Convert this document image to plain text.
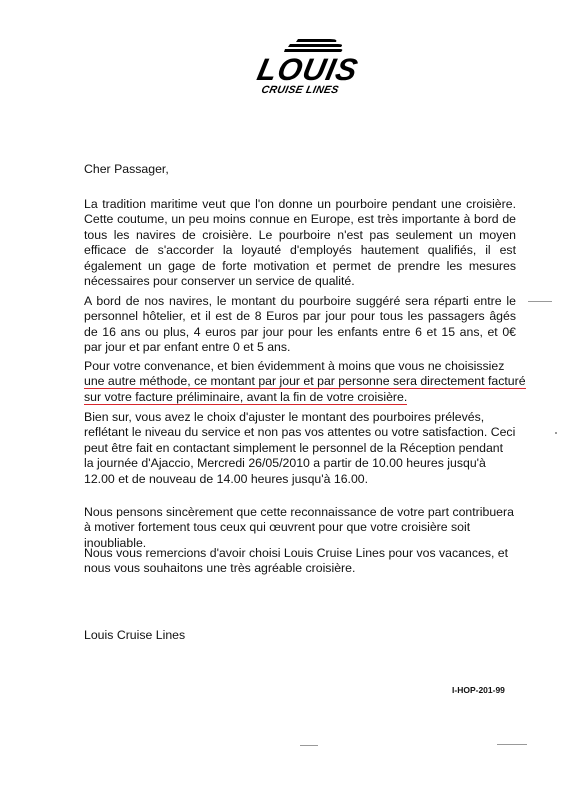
LOUIS
CRUISE LINES
Cher Passager,
La tradition maritime veut que l'on donne un pourboire pendant une croisière. Cette coutume, un peu moins connue en Europe, est très importante à bord de tous les navires de croisière. Le pourboire n'est pas seulement un moyen efficace de s'accorder la loyauté d'employés hautement qualifiés, il est également un gage de forte motivation et permet de prendre les mesures nécessaires pour conserver un service de qualité.
A bord de nos navires, le montant du pourboire suggéré sera réparti entre le personnel hôtelier, et il est de 8 Euros par jour pour tous les passagers âgés de 16 ans ou plus, 4 euros par jour pour les enfants entre 6 et 15 ans, et 0€ par jour et par enfant entre 0 et 5 ans.

Pour votre convenance, et bien évidemment à moins que vous ne choisissiez

une autre méthode, ce montant par jour et par personne sera directement facturé

sur votre facture préliminaire, avant la fin de votre croisière.

Bien sur, vous avez le choix d'ajuster le montant des pourboires prélevés, reflétant le niveau du service et non pas vos attentes ou votre satisfaction. Ceci peut être fait en contactant simplement le personnel de la Réception pendant la journée d'Ajaccio, Mercredi 26/05/2010 a partir de 10.00 heures jusqu'à 12.00 et de nouveau de 14.00 heures jusqu'à 16.00.
Nous pensons sincèrement que cette reconnaissance de votre part contribuera à motiver fortement tous ceux qui œuvrent pour que votre croisière soit inoubliable.
Nous vous remercions d'avoir choisi Louis Cruise Lines pour vos vacances, et nous vous souhaitons une très agréable croisière.
Louis Cruise Lines
I-HOP-201-99
